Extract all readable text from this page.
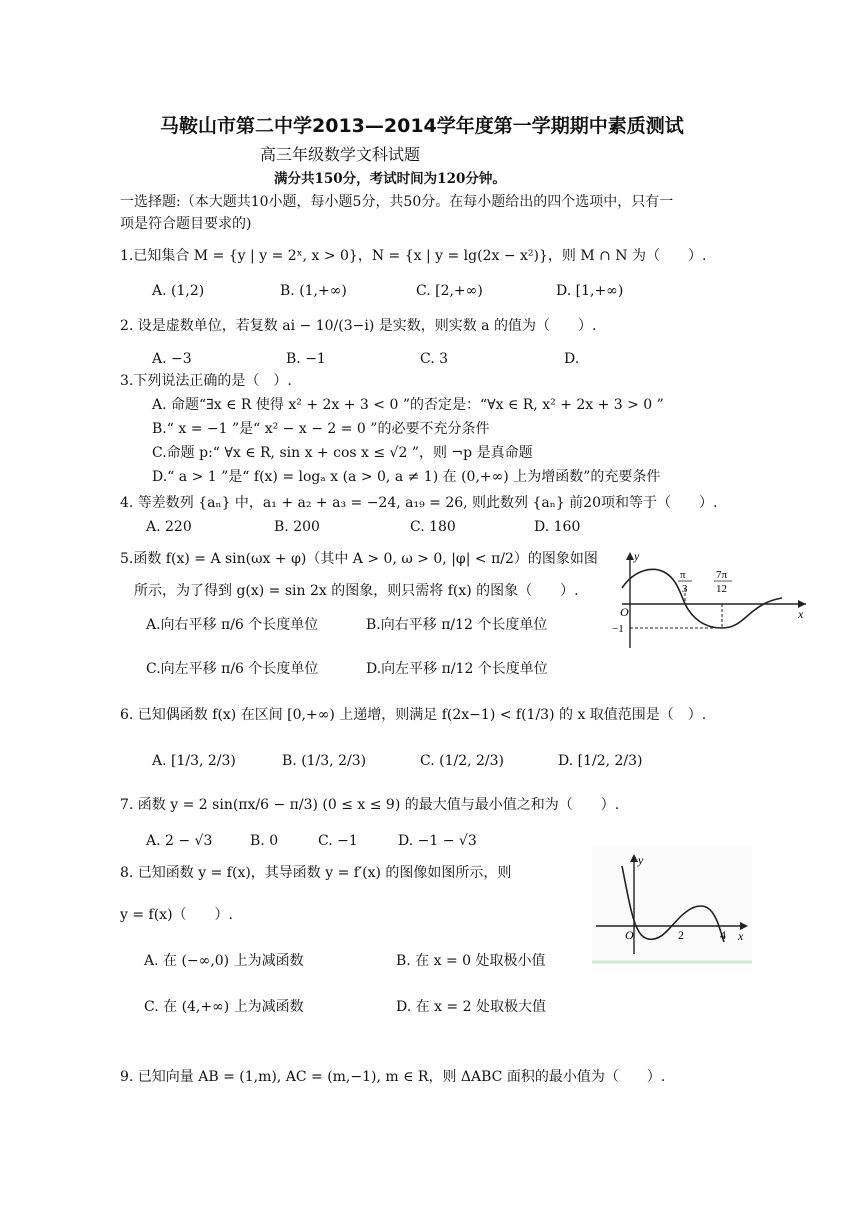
马鞍山市第二中学2013—2014学年度第一学期期中素质测试
高三年级数学文科试题
满分共150分，考试时间为120分钟。
一选择题:（本大题共10小题，每小题5分，共50分。在每小题给出的四个选项中，只有一
项是符合题目要求的)
1.已知集合 M = {y | y = 2ˣ, x > 0}，N = {x | y = lg(2x − x²)}，则 M ∩ N 为（　　）.
A. (1,2)	B. (1,+∞)	C. [2,+∞)	D. [1,+∞)
2. 设是虚数单位，若复数 ai − 10/(3−i) 是实数，则实数 a 的值为（　　）.
A. −3	B. −1	C. 3	D.
3.下列说法正确的是（　）.
A. 命题“∃x ∈ R 使得 x² + 2x + 3 < 0 ”的否定是：“∀x ∈ R, x² + 2x + 3 > 0 ”
B.“ x = −1 ”是“ x² − x − 2 = 0 ”的必要不充分条件
C.命题 p:“ ∀x ∈ R, sin x + cos x ≤ √2 ”，则 ¬p 是真命题
D.“ a > 1 ”是“ f(x) = logₐ x (a > 0, a ≠ 1) 在 (0,+∞) 上为增函数”的充要条件
4. 等差数列 {aₙ} 中，a₁ + a₂ + a₃ = −24, a₁₉ = 26, 则此数列 {aₙ} 前20项和等于（　　）.
A. 220	B. 200	C. 180	D. 160
5.函数 f(x) = A sin(ωx + φ)（其中 A > 0, ω > 0, |φ| < π/2）的图象如图
所示，为了得到 g(x) = sin 2x 的图象，则只需将 f(x) 的图象（　　）.
A.向右平移 π/6 个长度单位	B.向右平移 π/12 个长度单位
C.向左平移 π/6 个长度单位	D.向左平移 π/12 个长度单位
y
x
O
π
3
7π
12
−1
6. 已知偶函数 f(x) 在区间 [0,+∞) 上递增，则满足 f(2x−1) < f(1/3) 的 x 取值范围是（　）.
A. [1/3, 2/3)	B. (1/3, 2/3)	C. (1/2, 2/3)	D. [1/2, 2/3)
7. 函数 y = 2 sin(πx/6 − π/3) (0 ≤ x ≤ 9) 的最大值与最小值之和为（　　）.
A. 2 − √3	B. 0	C. −1	D. −1 − √3
8. 已知函数 y = f(x)，其导函数 y = f′(x) 的图像如图所示，则
y = f(x)（　　）.
A. 在 (−∞,0) 上为减函数	B. 在 x = 0 处取极小值
C. 在 (4,+∞) 上为减函数	D. 在 x = 2 处取极大值
y
x
O	2	4
9. 已知向量 AB = (1,m), AC = (m,−1), m ∈ R，则 ΔABC 面积的最小值为（　　）.
